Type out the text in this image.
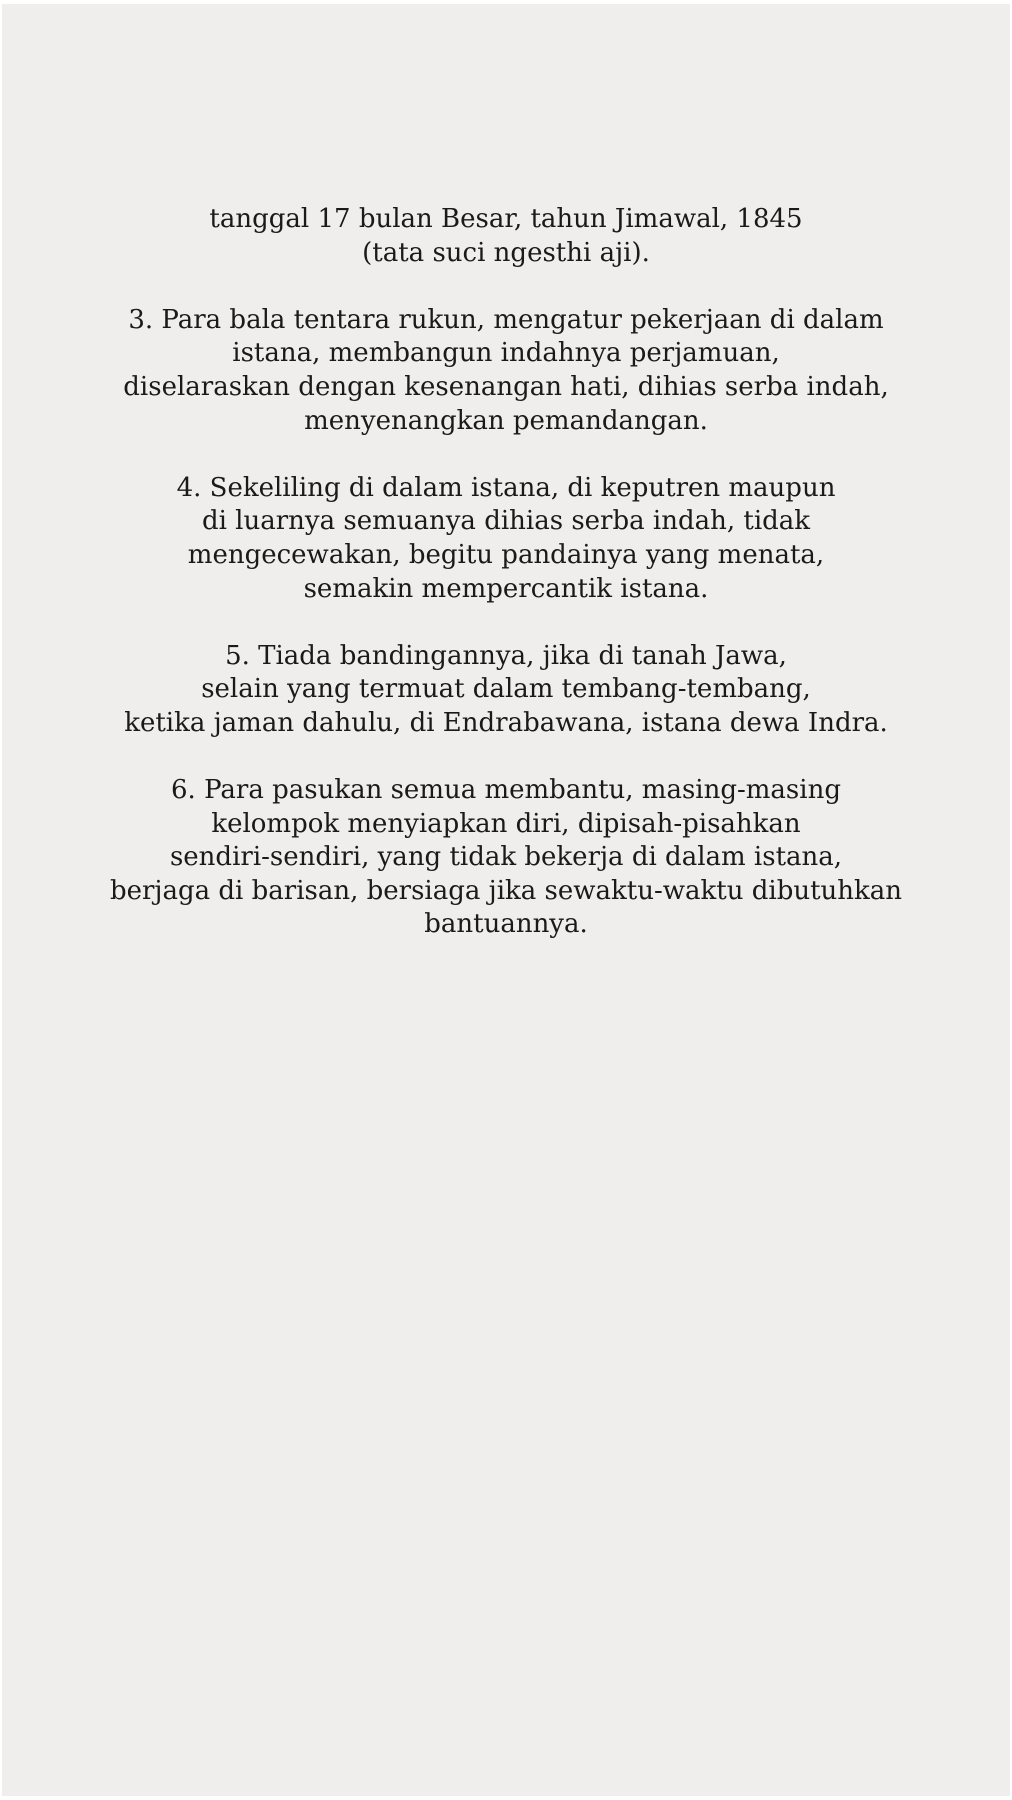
tanggal 17 bulan Besar, tahun Jimawal, 1845
(tata suci ngesthi aji).

3. Para bala tentara rukun, mengatur pekerjaan di dalam
istana, membangun indahnya perjamuan,
diselaraskan dengan kesenangan hati, dihias serba indah,
menyenangkan pemandangan.

4. Sekeliling di dalam istana, di keputren maupun
di luarnya semuanya dihias serba indah, tidak
mengecewakan, begitu pandainya yang menata,
semakin mempercantik istana.

5. Tiada bandingannya, jika di tanah Jawa,
selain yang termuat dalam tembang-tembang,
ketika jaman dahulu, di Endrabawana, istana dewa Indra.

6. Para pasukan semua membantu, masing-masing
kelompok menyiapkan diri, dipisah-pisahkan
sendiri-sendiri, yang tidak bekerja di dalam istana,
berjaga di barisan, bersiaga jika sewaktu-waktu dibutuhkan
bantuannya.
